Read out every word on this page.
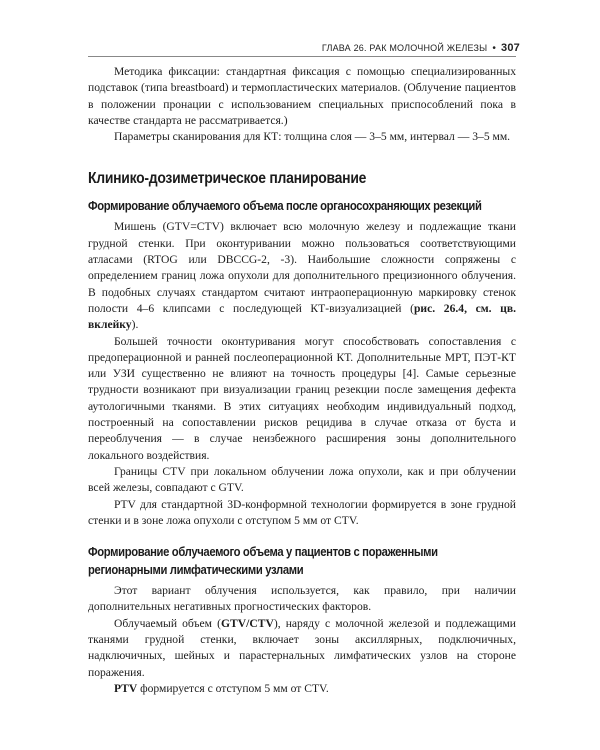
ГЛАВА 26. РАК МОЛОЧНОЙ ЖЕЛЕЗЫ • 307

Методика фиксации: стандартная фиксация с помощью специализированных подставок (типа breastboard) и термопластических материалов. (Облучение пациентов в положении пронации с использованием специальных приспособлений пока в качестве стандарта не рассматривается.)

Параметры сканирования для КТ: толщина слоя — 3–5 мм, интервал — 3–5 мм.

Клинико-дозиметрическое планирование
Формирование облучаемого объема после органосохраняющих резекций

Мишень (GTV=CTV) включает всю молочную железу и подлежащие ткани грудной стенки. При оконтуривании можно пользоваться соответствующими атласами (RTOG или DBCCG-2, -3). Наибольшие сложности сопряжены с определением границ ложа опухоли для дополнительного прецизионного облучения. В подобных случаях стандартом считают интраоперационную маркировку стенок полости 4–6 клипсами с последующей КТ-визуализацией (рис. 26.4, см. цв. вклейку).

Большей точности оконтуривания могут способствовать сопоставления с предоперационной и ранней послеоперационной КТ. Дополнительные МРТ, ПЭТ-КТ или УЗИ существенно не влияют на точность процедуры [4]. Самые серьезные трудности возникают при визуализации границ резекции после замещения дефекта аутологичными тканями. В этих ситуациях необходим индивидуальный подход, построенный на сопоставлении рисков рецидива в случае отказа от буста и переоблучения — в случае неизбежного расширения зоны дополнительного локального воздействия.

Границы CTV при локальном облучении ложа опухоли, как и при облучении всей железы, совпадают с GTV.

PTV для стандартной 3D-конформной технологии формируется в зоне грудной стенки и в зоне ложа опухоли с отступом 5 мм от CTV.

Формирование облучаемого объема у пациентов с пораженными регионарными лимфатическими узлами

Этот вариант облучения используется, как правило, при наличии дополнительных негативных прогностических факторов.

Облучаемый объем (GTV/CTV), наряду с молочной железой и подлежащими тканями грудной стенки, включает зоны аксиллярных, подключичных, надключичных, шейных и парастернальных лимфатических узлов на стороне поражения.

PTV формируется с отступом 5 мм от CTV.
